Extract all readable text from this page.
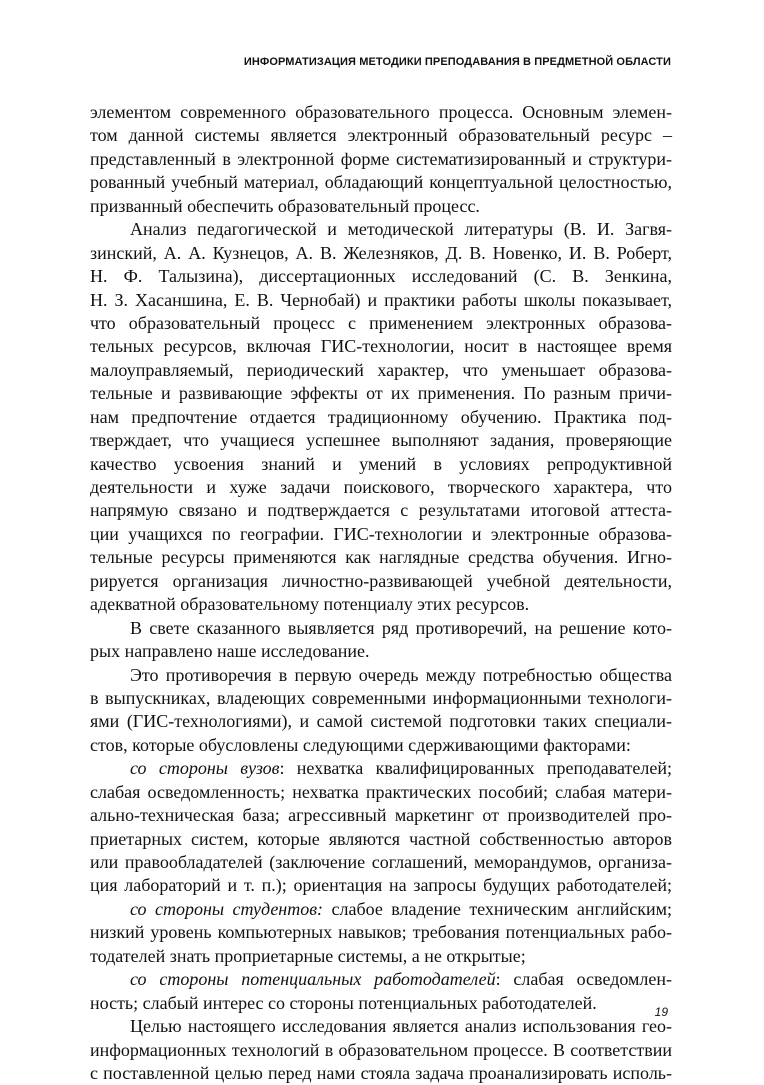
ИНФОРМАТИЗАЦИЯ МЕТОДИКИ ПРЕПОДАВАНИЯ В ПРЕДМЕТНОЙ ОБЛАСТИ
элементом современного образовательного процесса. Основным элемен-
том данной системы является электронный образовательный ресурс –
представленный в электронной форме систематизированный и структури-
рованный учебный материал, обладающий концептуальной целостностью,
призванный обеспечить образовательный процесс.
Анализ педагогической и методической литературы (В. И. Загвя-
зинский, А. А. Кузнецов, А. В. Железняков, Д. В. Новенко, И. В. Роберт,
Н. Ф. Талызина), диссертационных исследований (С. В. Зенкина,
Н. З. Хасаншина, Е. В. Чернобай) и практики работы школы показывает,
что образовательный процесс с применением электронных образова-
тельных ресурсов, включая ГИС-технологии, носит в настоящее время
малоуправляемый, периодический характер, что уменьшает образова-
тельные и развивающие эффекты от их применения. По разным причи-
нам предпочтение отдается традиционному обучению. Практика под-
тверждает, что учащиеся успешнее выполняют задания, проверяющие
качество усвоения знаний и умений в условиях репродуктивной
деятельности и хуже задачи поискового, творческого характера, что
напрямую связано и подтверждается с результатами итоговой аттеста-
ции учащихся по географии. ГИС-технологии и электронные образова-
тельные ресурсы применяются как наглядные средства обучения. Игно-
рируется организация личностно-развивающей учебной деятельности,
адекватной образовательному потенциалу этих ресурсов.
В свете сказанного выявляется ряд противоречий, на решение кото-
рых направлено наше исследование.
Это противоречия в первую очередь между потребностью общества
в выпускниках, владеющих современными информационными технологи-
ями (ГИС-технологиями), и самой системой подготовки таких специали-
стов, которые обусловлены следующими сдерживающими факторами:
со стороны вузов: нехватка квалифицированных преподавателей;
слабая осведомленность; нехватка практических пособий; слабая матери-
ально-техническая база; агрессивный маркетинг от производителей про-
приетарных систем, которые являются частной собственностью авторов
или правообладателей (заключение соглашений, меморандумов, организа-
ция лабораторий и т. п.); ориентация на запросы будущих работодателей;
со стороны студентов: слабое владение техническим английским;
низкий уровень компьютерных навыков; требования потенциальных рабо-
тодателей знать проприетарные системы, а не открытые;
со стороны потенциальных работодателей: слабая осведомлен-
ность; слабый интерес со стороны потенциальных работодателей.
Целью настоящего исследования является анализ использования гео-
информационных технологий в образовательном процессе. В соответствии
с поставленной целью перед нами стояла задача проанализировать исполь-
19
